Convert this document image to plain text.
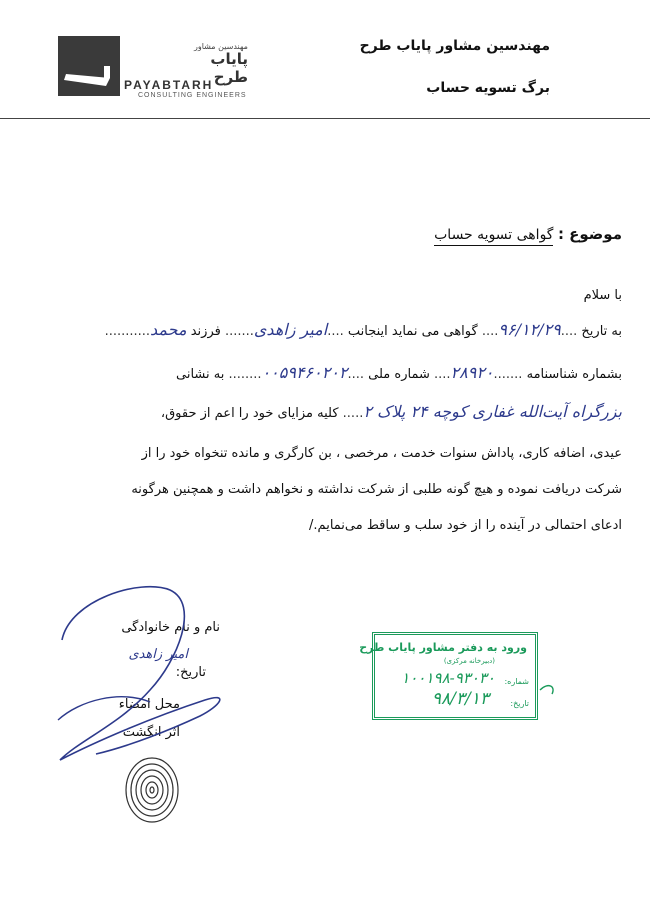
مهندسین مشاور
پایاب طرح
PAYABTARH
CONSULTING ENGINEERS
مهندسین مشاور پایاب طرح
برگ تسویه حساب
موضوع : گواهی تسویه حساب
با سلام
به تاریخ ....۹۶/۱۲/۲۹.... گواهی می نماید اینجانب ....امیر زاهدی....... فرزند محمد...........
بشماره شناسنامه .......۲۸۹۲۰.... شماره ملی ....۰۰۵۹۴۶۰۲۰۲........ به نشانی
بزرگراه آیت‌الله غفاری کوچه ۲۴ پلاک ۲..... کلیه مزایای خود را اعم از حقوق،
عیدی، اضافه کاری، پاداش سنوات خدمت ، مرخصی ، بن کارگری و مانده تنخواه خود را از
شرکت دریافت نموده و هیچ گونه طلبی از شرکت نداشته و نخواهم داشت و همچنین هرگونه
ادعای احتمالی در آینده را از خود سلب و ساقط می‌نمایم./
نام و نام خانوادگی
امیر زاهدی
تاریخ:
محل امضاء
اثر انگشت
ورود به دفتر مشاور پایاب طرح
(دبیرخانه مرکزی)
شماره:
۱۰۰۱۹۸-۹۳۰۳۰
تاریخ:
۹۸/۳/۱۳
